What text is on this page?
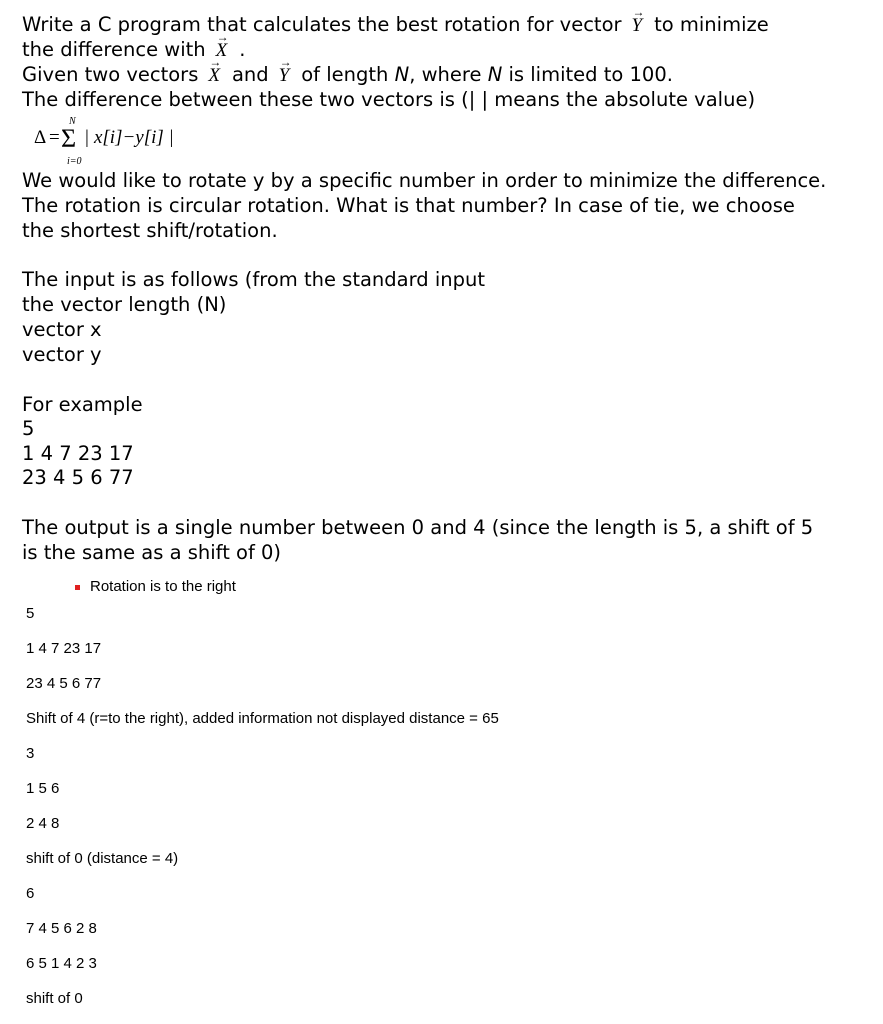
Write a C program that calculates the best rotation for vector → Y to minimize
the difference with → X .
Given two vectors → X and → Y of length N, where N is limited to 100.
The difference between these two vectors is (| | means the absolute value)
Δ = Σ
N
i=0
| x[i]−y[i] |
We would like to rotate y by a specific number in order to minimize the difference.
The rotation is circular rotation. What is that number? In case of tie, we choose
the shortest shift/rotation.
The input is as follows (from the standard input
the vector length (N)
vector x
vector y
For example
5
1 4 7 23 17
23 4 5 6 77
The output is a single number between 0 and 4 (since the length is 5, a shift of 5
is the same as a shift of 0)
Rotation is to the right
5
1 4 7 23 17
23 4 5 6 77
Shift of 4 (r=to the right), added information not displayed distance = 65
3
1 5 6
2 4 8
shift of 0 (distance = 4)
6
7 4 5 6 2 8
6 5 1 4 2 3
shift of 0
